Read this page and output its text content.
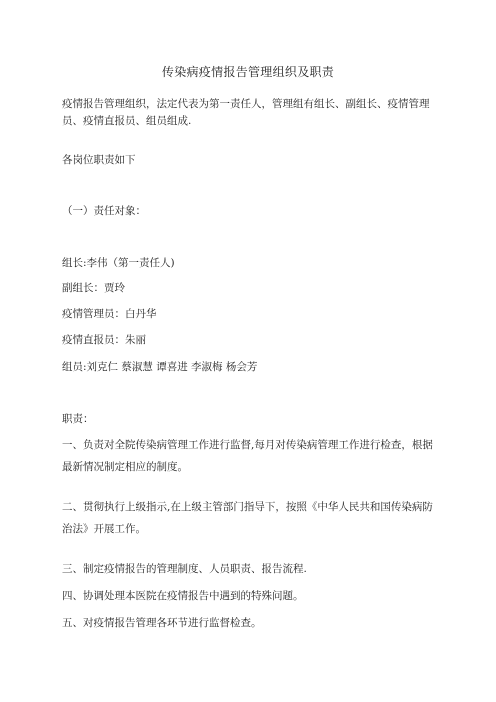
传染病疫情报告管理组织及职责
疫情报告管理组织，法定代表为第一责任人，管理组有组长、副组长、疫情管理员、疫情直报员、组员组成.
各岗位职责如下
（一）责任对象：
组长:李伟（第一责任人)
副组长：贾玲
疫情管理员：白丹华
疫情直报员：朱丽
组员:刘克仁 蔡淑慧 谭喜进 李淑梅 杨会芳
职责：
一、负责对全院传染病管理工作进行监督,每月对传染病管理工作进行检查，根据最新情况制定相应的制度。
二、贯彻执行上级指示,在上级主管部门指导下，按照《中华人民共和国传染病防治法》开展工作。
三、制定疫情报告的管理制度、人员职责、报告流程.
四、协调处理本医院在疫情报告中遇到的特殊问题。
五、对疫情报告管理各环节进行监督检查。
